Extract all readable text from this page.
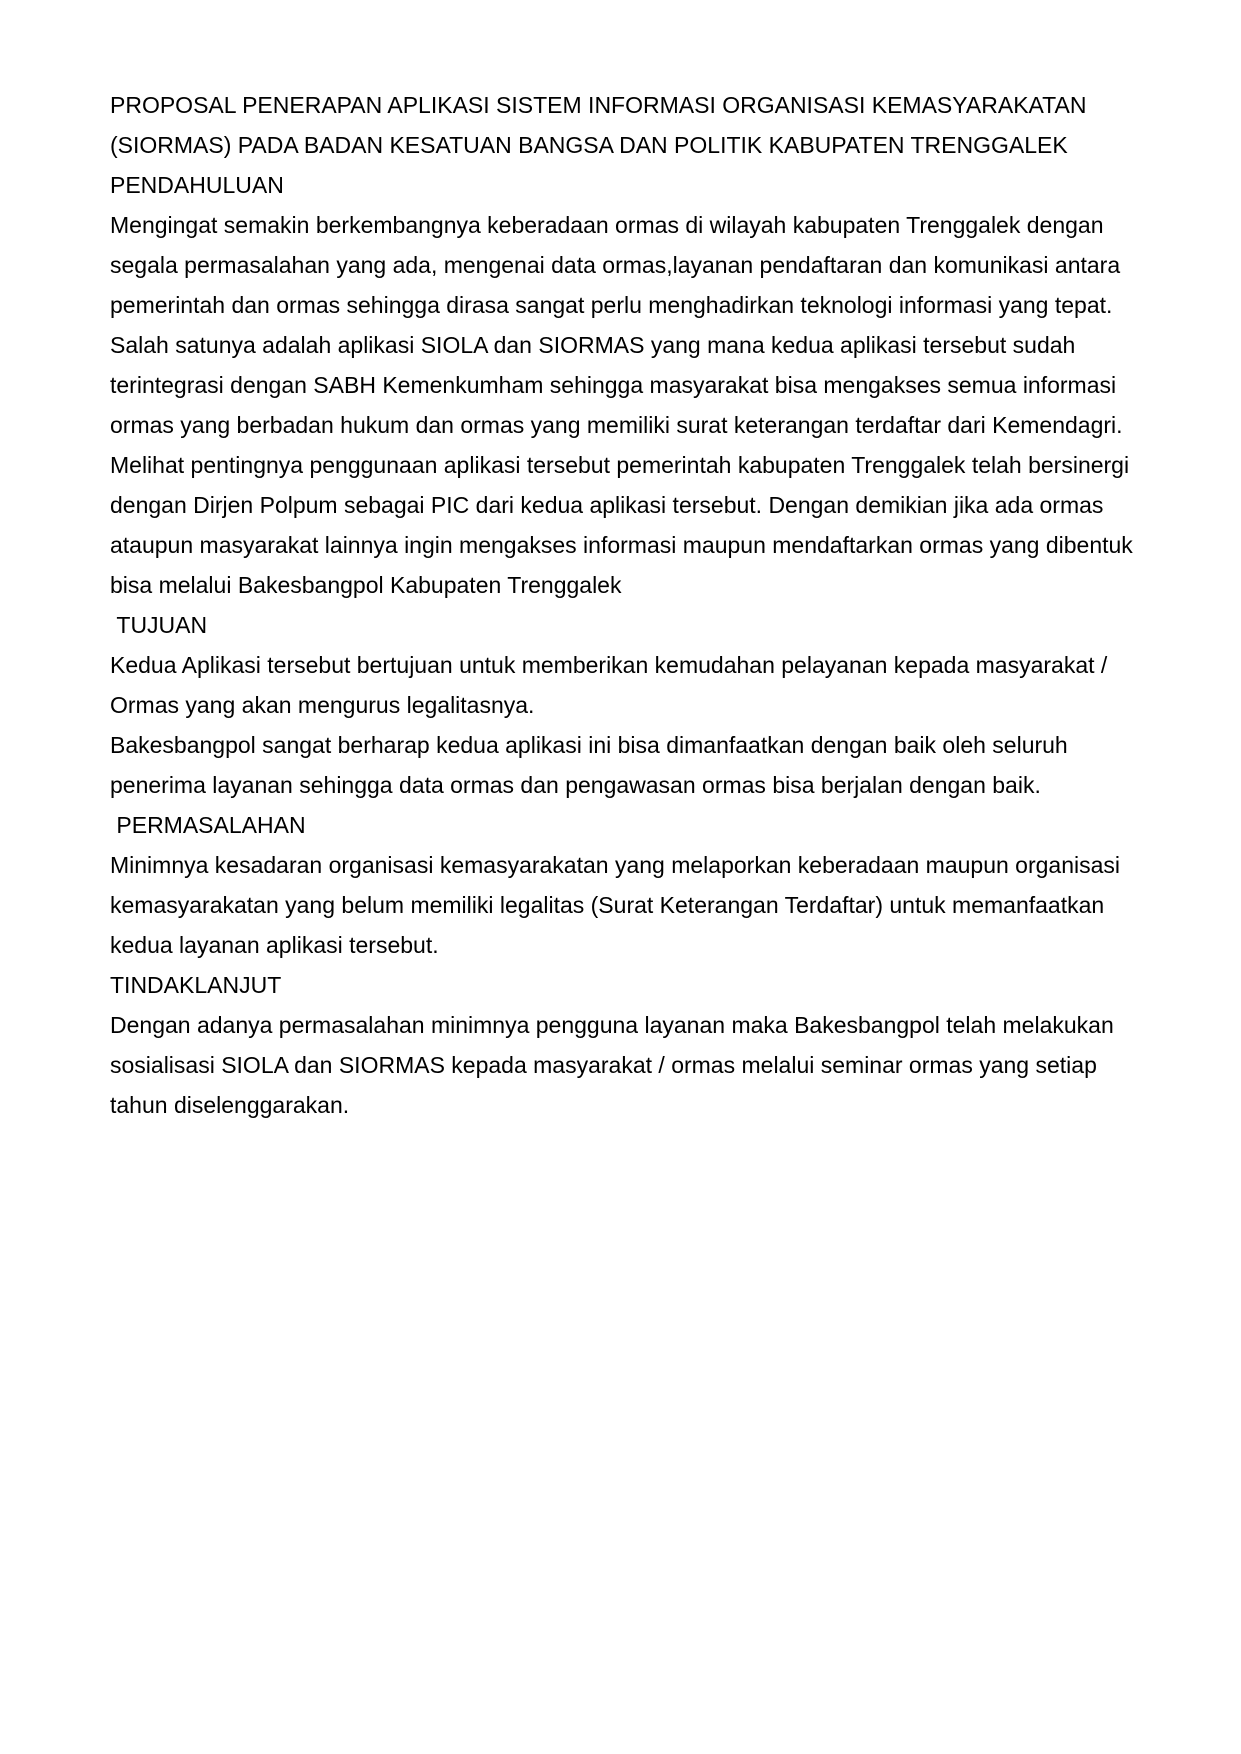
PROPOSAL PENERAPAN APLIKASI SISTEM INFORMASI ORGANISASI KEMASYARAKATAN (SIORMAS) PADA BADAN KESATUAN BANGSA DAN POLITIK KABUPATEN TRENGGALEK

PENDAHULUAN

Mengingat semakin berkembangnya keberadaan ormas di wilayah kabupaten Trenggalek dengan segala permasalahan yang ada, mengenai data ormas,layanan pendaftaran dan komunikasi antara pemerintah dan ormas sehingga dirasa sangat perlu menghadirkan teknologi informasi yang tepat. Salah satunya adalah aplikasi SIOLA dan SIORMAS yang mana kedua aplikasi tersebut sudah terintegrasi dengan SABH Kemenkumham sehingga masyarakat bisa mengakses semua informasi ormas yang berbadan hukum dan ormas yang memiliki surat keterangan terdaftar dari Kemendagri. Melihat pentingnya penggunaan aplikasi tersebut pemerintah kabupaten Trenggalek telah bersinergi dengan Dirjen Polpum sebagai PIC dari kedua aplikasi tersebut. Dengan demikian jika ada ormas ataupun masyarakat lainnya ingin mengakses informasi maupun mendaftarkan ormas yang dibentuk bisa melalui Bakesbangpol Kabupaten Trenggalek

TUJUAN

Kedua Aplikasi tersebut bertujuan untuk memberikan kemudahan pelayanan kepada masyarakat / Ormas yang akan mengurus legalitasnya.

Bakesbangpol sangat berharap kedua aplikasi ini bisa dimanfaatkan dengan baik oleh seluruh penerima layanan sehingga data ormas dan pengawasan ormas bisa berjalan dengan baik.

PERMASALAHAN

Minimnya kesadaran organisasi kemasyarakatan yang melaporkan keberadaan maupun organisasi kemasyarakatan yang belum memiliki legalitas (Surat Keterangan Terdaftar) untuk memanfaatkan kedua layanan aplikasi tersebut.

TINDAKLANJUT

Dengan adanya permasalahan minimnya pengguna layanan maka Bakesbangpol telah melakukan sosialisasi SIOLA dan SIORMAS kepada masyarakat / ormas melalui seminar ormas yang setiap tahun diselenggarakan.
